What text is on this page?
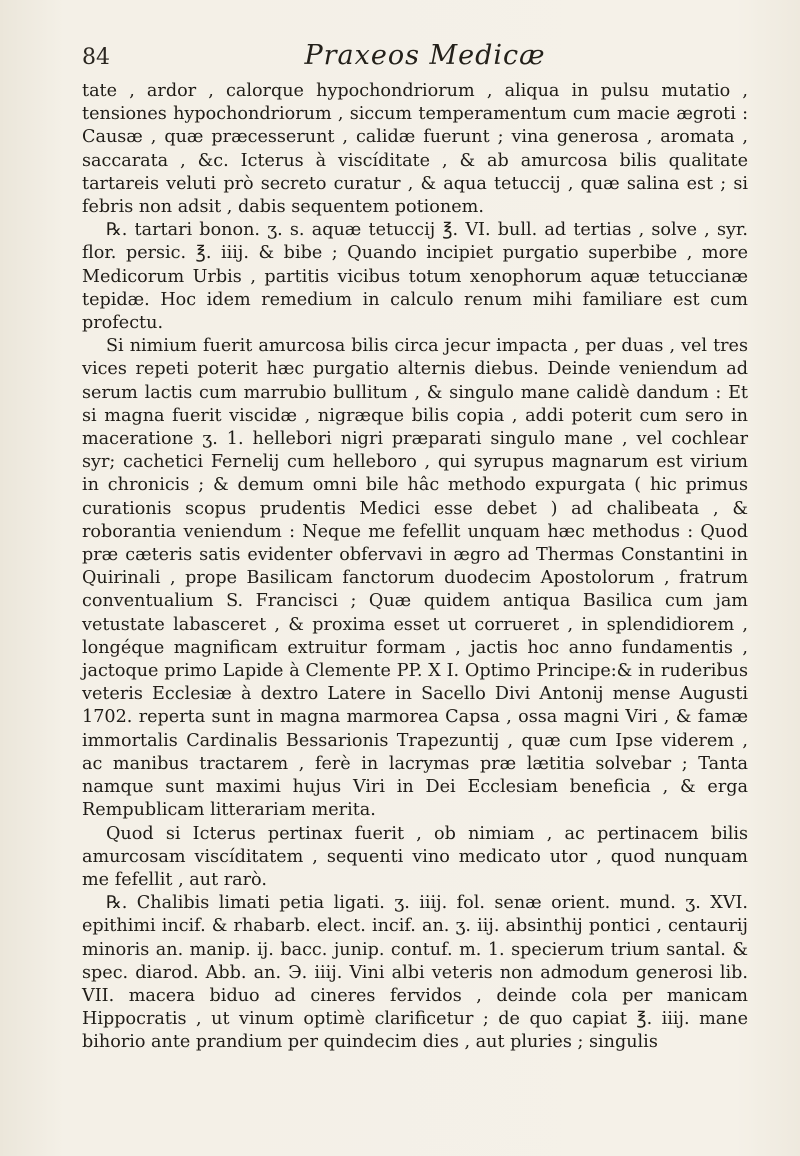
84	Praxeos Medicæ

tate , ardor , calorque hypochondriorum , aliqua in pulsu mutatio , tensiones hypochondriorum , siccum temperamentum cum macie ægroti : Causæ , quæ præcesserunt , calidæ fuerunt ; vina generosa , aromata , saccarata , &c. Icterus à viscíditate , & ab amurcosa bilis qualitate tartareis veluti prò secreto curatur , & aqua tetuccij , quæ salina est ; si febris non adsit , dabis sequentem potionem.

℞. tartari bonon. ʒ. s. aquæ tetuccij ℥. VI. bull. ad tertias , solve , syr. flor. persic. ℥. iiij. & bibe ; Quando incipiet purgatio superbibe , more Medicorum Urbis , partitis vicibus totum xenophorum aquæ tetuccianæ tepidæ. Hoc idem remedium in calculo renum mihi familiare est cum profectu.

Si nimium fuerit amurcosa bilis circa jecur impacta , per duas , vel tres vices repeti poterit hæc purgatio alternis diebus. Deinde veniendum ad serum lactis cum marrubio bullitum , & singulo mane calidè dandum : Et si magna fuerit viscidæ , nigræque bilis copia , addi poterit cum sero in maceratione ʒ. 1. hellebori nigri præparati singulo mane , vel cochlear syr; cachetici Fernelij cum helleboro , qui syrupus magnarum est virium in chronicis ; & demum omni bile hâc methodo expurgata ( hic primus curationis scopus prudentis Medici esse debet ) ad chalibeata , & roborantia veniendum : Neque me fefellit unquam hæc methodus : Quod præ cæteris satis evidenter obfervavi in ægro ad Thermas Constantini in Quirinali , prope Basilicam fanctorum duodecim Apostolorum , fratrum conventualium S. Francisci ; Quæ quidem antiqua Basilica cum jam vetustate labasceret , & proxima esset ut corrueret , in splendidiorem , longéque magnificam extruitur formam , jactis hoc anno fundamentis , jactoque primo Lapide à Clemente PP. X I. Optimo Principe:& in ruderibus veteris Ecclesiæ à dextro Latere in Sacello Divi Antonij mense Augusti 1702. reperta sunt in magna marmorea Capsa , ossa magni Viri , & famæ immortalis Cardinalis Bessarionis Trapezuntij , quæ cum Ipse viderem , ac manibus tractarem , ferè in lacrymas præ lætitia solvebar ; Tanta namque sunt maximi hujus Viri in Dei Ecclesiam beneficia , & erga Rempublicam litterariam merita.

Quod si Icterus pertinax fuerit , ob nimiam , ac pertinacem bilis amurcosam viscíditatem , sequenti vino medicato utor , quod nunquam me fefellit , aut rarò.

℞. Chalibis limati petia ligati. ʒ. iiij. fol. senæ orient. mund. ʒ. XVI. epithimi incif. & rhabarb. elect. incif. an. ʒ. iij. absinthij pontici , centaurij minoris an. manip. ij. bacc. junip. contuf. m. 1. specierum trium santal. & spec. diarod. Abb. an. Э. iiij. Vini albi veteris non admodum generosi lib. VII. macera biduo ad cineres fervidos , deinde cola per manicam Hippocratis , ut vinum optimè clarificetur ; de quo capiat ℥. iiij. mane bihorio ante prandium per quindecim dies , aut pluries ; singulis
